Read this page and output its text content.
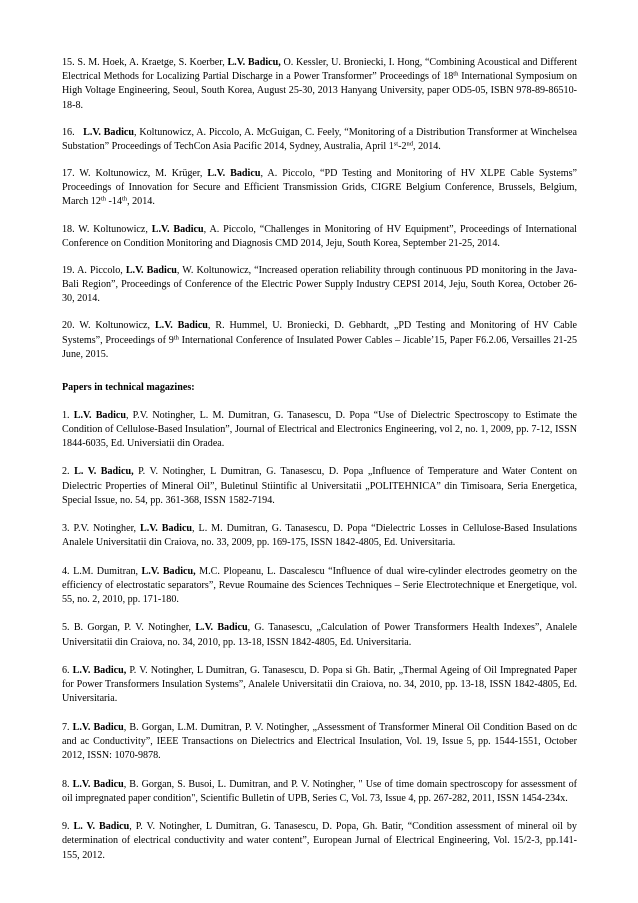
15. S. M. Hoek, A. Kraetge, S. Koerber, L.V. Badicu, O. Kessler, U. Broniecki, I. Hong, “Combining Acoustical and Different Electrical Methods for Localizing Partial Discharge in a Power Transformer” Proceedings of 18th International Symposium on High Voltage Engineering, Seoul, South Korea, August 25-30, 2013 Hanyang University, paper OD5-05, ISBN 978-89-86510-18-8.

16. L.V. Badicu, Koltunowicz, A. Piccolo, A. McGuigan, C. Feely, “Monitoring of a Distribution Transformer at Winchelsea Substation” Proceedings of TechCon Asia Pacific 2014, Sydney, Australia, April 1st-2nd, 2014.

17. W. Koltunowicz, M. Krüger, L.V. Badicu, A. Piccolo, “PD Testing and Monitoring of HV XLPE Cable Systems” Proceedings of Innovation for Secure and Efficient Transmission Grids, CIGRE Belgium Conference, Brussels, Belgium, March 12th -14th, 2014.

18. W. Koltunowicz, L.V. Badicu, A. Piccolo, “Challenges in Monitoring of HV Equipment”, Proceedings of International Conference on Condition Monitoring and Diagnosis CMD 2014, Jeju, South Korea, September 21-25, 2014.

19. A. Piccolo, L.V. Badicu, W. Koltunowicz, “Increased operation reliability through continuous PD monitoring in the Java-Bali Region”, Proceedings of Conference of the Electric Power Supply Industry CEPSI 2014, Jeju, South Korea, October 26-30, 2014.

20. W. Koltunowicz, L.V. Badicu, R. Hummel, U. Broniecki, D. Gebhardt, „PD Testing and Monitoring of HV Cable Systems”, Proceedings of 9th International Conference of Insulated Power Cables – Jicable’15, Paper F6.2.06, Versailles 21-25 June, 2015.

Papers in technical magazines:

1. L.V. Badicu, P.V. Notingher, L. M. Dumitran, G. Tanasescu, D. Popa “Use of Dielectric Spectroscopy to Estimate the Condition of Cellulose-Based Insulation”, Journal of Electrical and Electronics Engineering, vol 2, no. 1, 2009, pp. 7-12, ISSN 1844-6035, Ed. Universiatii din Oradea.

2. L. V. Badicu, P. V. Notingher, L Dumitran, G. Tanasescu, D. Popa „Influence of Temperature and Water Content on Dielectric Properties of Mineral Oil”, Buletinul Stiintific al Universitatii „POLITEHNICA” din Timisoara, Seria Energetica, Special Issue, no. 54, pp. 361-368, ISSN 1582-7194.

3. P.V. Notingher, L.V. Badicu, L. M. Dumitran, G. Tanasescu, D. Popa “Dielectric Losses in Cellulose-Based Insulations Analele Universitatii din Craiova, no. 33, 2009, pp. 169-175, ISSN 1842-4805, Ed. Universitaria.

4. L.M. Dumitran, L.V. Badicu, M.C. Plopeanu, L. Dascalescu “Influence of dual wire-cylinder electrodes geometry on the efficiency of electrostatic separators”, Revue Roumaine des Sciences Techniques – Serie Electrotechnique et Energetique, vol. 55, no. 2, 2010, pp. 171-180.

5. B. Gorgan, P. V. Notingher, L.V. Badicu, G. Tanasescu, „Calculation of Power Transformers Health Indexes”, Analele Universitatii din Craiova, no. 34, 2010, pp. 13-18, ISSN 1842-4805, Ed. Universitaria.

6. L.V. Badicu, P. V. Notingher, L Dumitran, G. Tanasescu, D. Popa si Gh. Batir, „Thermal Ageing of Oil Impregnated Paper for Power Transformers Insulation Systems”, Analele Universitatii din Craiova, no. 34, 2010, pp. 13-18, ISSN 1842-4805, Ed. Universitaria.

7. L.V. Badicu, B. Gorgan, L.M. Dumitran, P. V. Notingher, „Assessment of Transformer Mineral Oil Condition Based on dc and ac Conductivity”, IEEE Transactions on Dielectrics and Electrical Insulation, Vol. 19, Issue 5, pp. 1544-1551, October 2012, ISSN: 1070-9878.

8. L.V. Badicu, B. Gorgan, S. Busoi, L. Dumitran, and P. V. Notingher, " Use of time domain spectroscopy for assessment of oil impregnated paper condition", Scientific Bulletin of UPB, Series C, Vol. 73, Issue 4, pp. 267-282, 2011, ISSN 1454-234x.

9. L. V. Badicu, P. V. Notingher, L Dumitran, G. Tanasescu, D. Popa, Gh. Batir, “Condition assessment of mineral oil by determination of electrical conductivity and water content”, European Jurnal of Electrical Engineering, Vol. 15/2-3, pp.141-155, 2012.
